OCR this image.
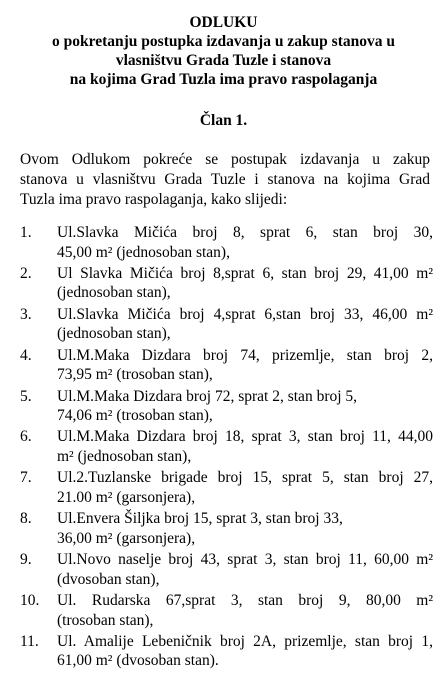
ODLUKU
o pokretanju postupka izdavanja u zakup stanova u
vlasništvu Grada Tuzle i stanova
na kojima Grad Tuzla ima pravo raspolaganja
Član 1.
Ovom Odlukom pokreće se postupak izdavanja u zakup
stanova u vlasništvu Grada Tuzle i stanova na kojima Grad
Tuzla ima pravo raspolaganja, kako slijedi:
1. Ul.Slavka Mičića broj 8, sprat 6, stan broj 30,
45,00 m² (jednosoban stan),
2. Ul Slavka Mičića broj 8,sprat 6, stan broj 29, 41,00 m²
(jednosoban stan),
3. Ul.Slavka Mičića broj 4,sprat 6,stan broj 33, 46,00 m²
(jednosoban stan),
4. Ul.M.Maka Dizdara broj 74, prizemlje, stan broj 2,
73,95 m² (trosoban stan),
5. Ul.M.Maka Dizdara broj 72, sprat 2, stan broj 5,
74,06 m² (trosoban stan),
6. Ul.M.Maka Dizdara broj 18, sprat 3, stan broj 11, 44,00
m² (jednosoban stan),
7. Ul.2.Tuzlanske brigade broj 15, sprat 5, stan broj 27,
21.00 m² (garsonjera),
8. Ul.Envera Šiljka broj 15, sprat 3, stan broj 33,
36,00 m² (garsonjera),
9. Ul.Novo naselje broj 43, sprat 3, stan broj 11, 60,00 m²
(dvosoban stan),
10. Ul. Rudarska 67,sprat 3, stan broj 9, 80,00 m²
(trosoban stan),
11. Ul. Amalije Lebeničnik broj 2A, prizemlje, stan broj 1,
61,00 m² (dvosoban stan).
